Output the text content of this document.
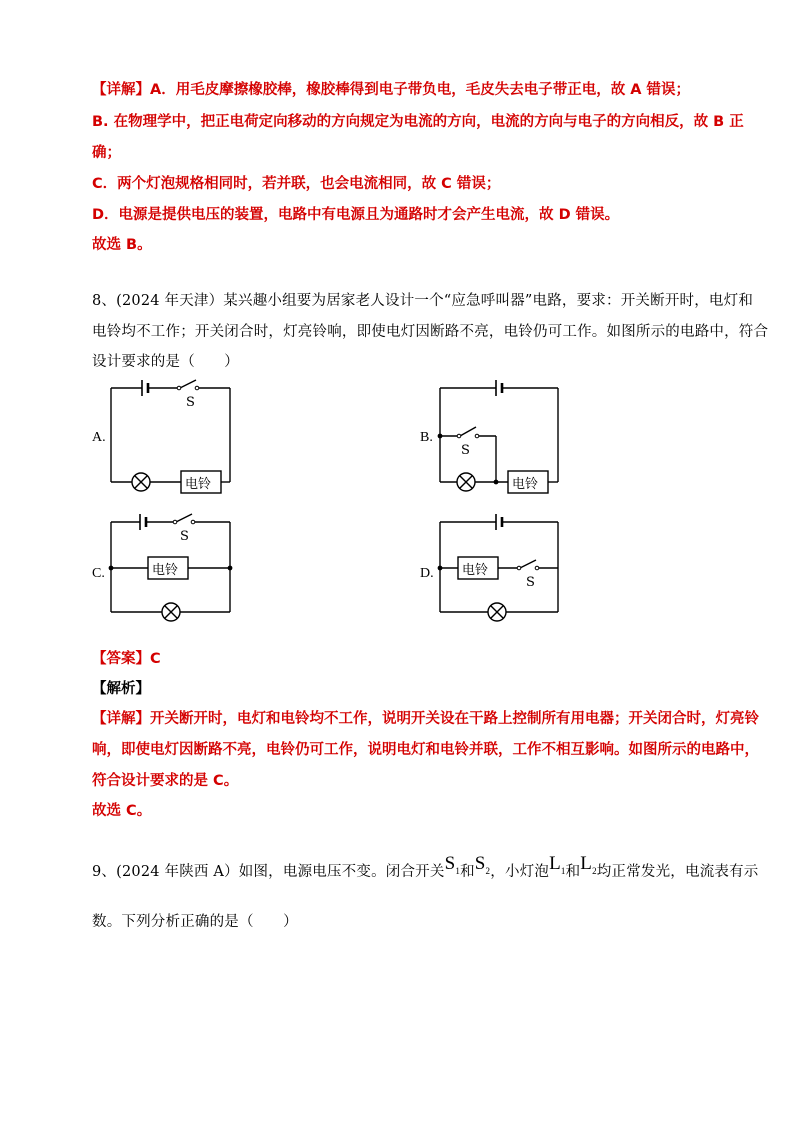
【详解】A．用毛皮摩擦橡胶棒，橡胶棒得到电子带负电，毛皮失去电子带正电，故 A 错误；
B. 在物理学中，把正电荷定向移动的方向规定为电流的方向，电流的方向与电子的方向相反，故 B 正
确；
C．两个灯泡规格相同时，若并联，也会电流相同，故 C 错误；
D．电源是提供电压的装置，电路中有电源且为通路时才会产生电流，故 D 错误。
故选 B。
8、(2024 年天津）某兴趣小组要为居家老人设计一个“应急呼叫器”电路，要求：开关断开时，电灯和
电铃均不工作；开关闭合时，灯亮铃响，即使电灯因断路不亮，电铃仍可工作。如图所示的电路中，符合
设计要求的是（　　）
A.	B.
C.	D.
S
电铃
S
电铃
S
电铃
S
电铃
【答案】C
【解析】
【详解】开关断开时，电灯和电铃均不工作，说明开关设在干路上控制所有用电器；开关闭合时，灯亮铃
响，即使电灯因断路不亮，电铃仍可工作，说明电灯和电铃并联，工作不相互影响。如图所示的电路中，
符合设计要求的是 C。
故选 C。
9、(2024 年陕西 A）如图，电源电压不变。闭合开关$S_1$和$S_2$，小灯泡$L_1$和$L_2$均正常发光，电流表有示
数。下列分析正确的是（　　）
